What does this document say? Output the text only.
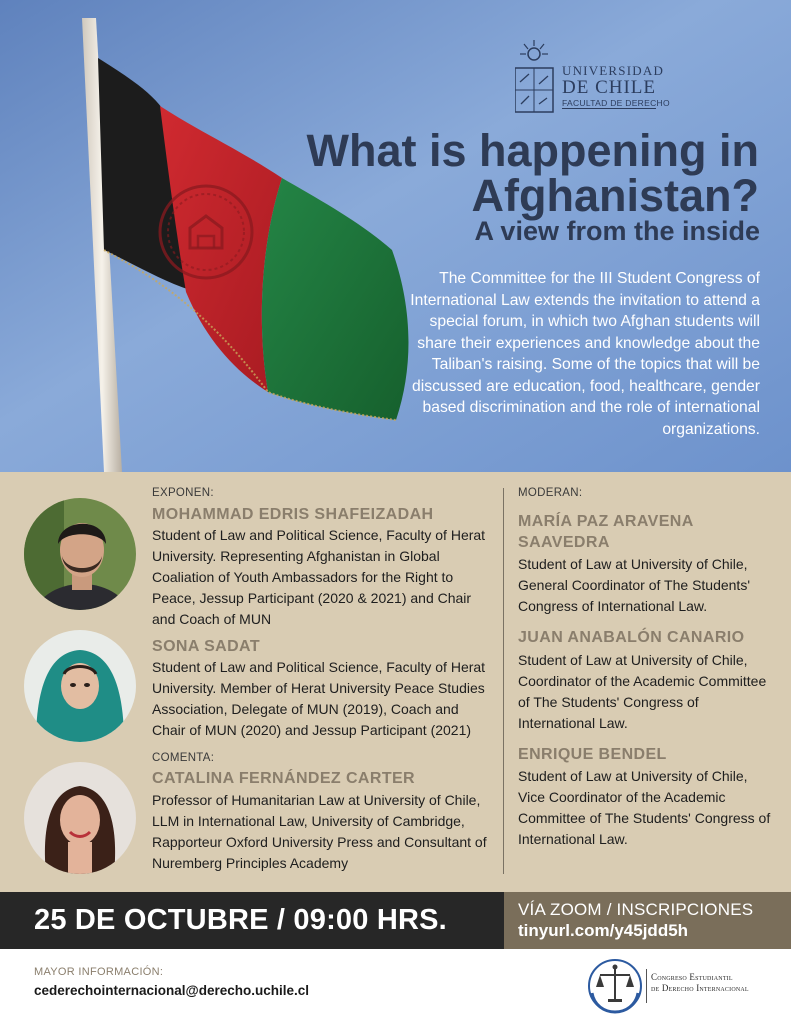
UNIVERSIDAD
DE CHILE
FACULTAD DE DERECHO
What is happening in Afghanistan?
A view from the inside

The Committee for the III Student Congress of International Law extends the invitation to attend a special forum, in which two Afghan students will share their experiences and knowledge about the Taliban's raising. Some of the topics that will be discussed are education, food, healthcare, gender based discrimination and the role of international organizations.

EXPONEN:
MOHAMMAD EDRIS SHAFEIZADAH
Student of Law and Political Science, Faculty of Herat University. Representing Afghanistan in Global Coaliation of Youth Ambassadors for the Right to Peace, Jessup Participant (2020 & 2021) and Chair and Coach of MUN
SONA SADAT
Student of Law and Political Science, Faculty of Herat University. Member of Herat University Peace Studies Association, Delegate of MUN (2019), Coach and Chair of MUN (2020) and Jessup Participant (2021)
COMENTA:
CATALINA FERNÁNDEZ CARTER
Professor of Humanitarian Law at University of Chile, LLM in International Law, University of Cambridge, Rapporteur Oxford University Press and Consultant of Nuremberg Principles Academy
MODERAN:
MARÍA PAZ ARAVENA SAAVEDRA
Student of Law at University of Chile, General Coordinator of The Students' Congress of International Law.
JUAN ANABALÓN CANARIO
Student of Law at University of Chile, Coordinator of the Academic Committee of The Students' Congress of International Law.
ENRIQUE BENDEL
Student of Law at University of Chile, Vice Coordinator of the Academic Committee of The Students' Congress of International Law.
25 DE OCTUBRE / 09:00 HRS.	VÍA ZOOM / INSCRIPCIONES
tinyurl.com/y45jdd5h
MAYOR INFORMACIÓN:
cederechointernacional@derecho.uchile.cl
Congreso Estudiantil
de Derecho Internacional
